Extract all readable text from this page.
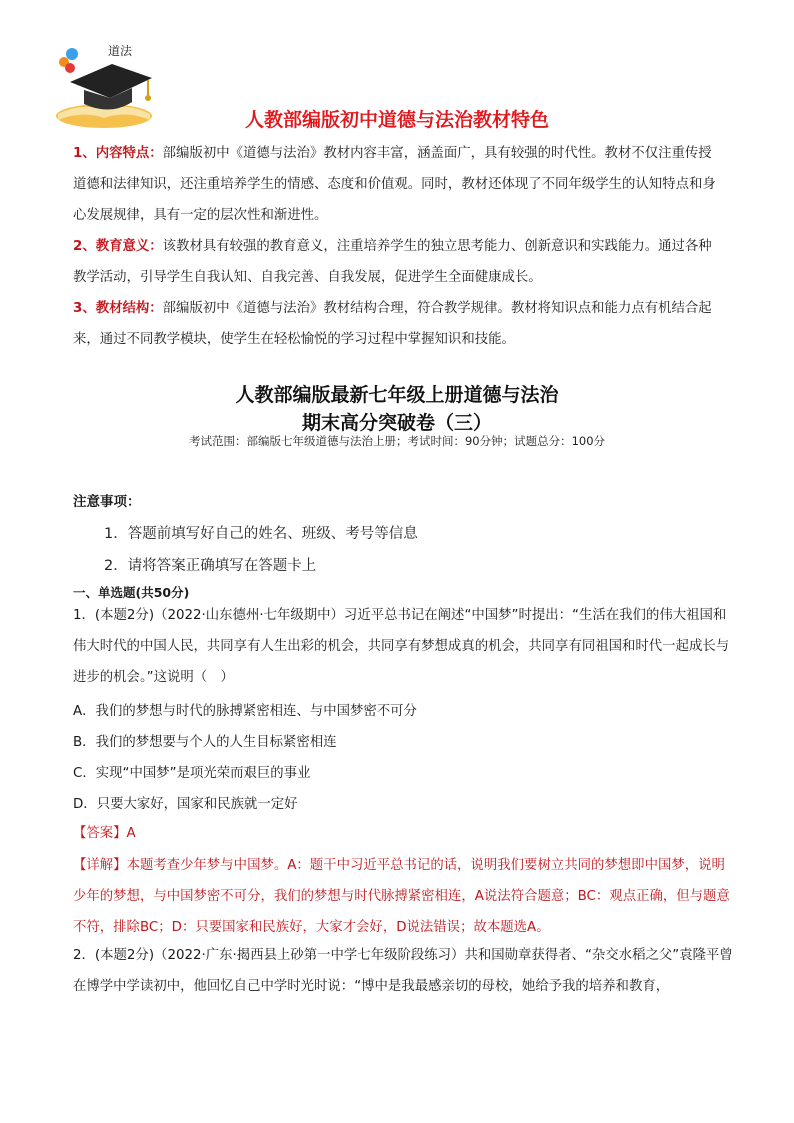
道法
人教部编版初中道德与法治教材特色
1、内容特点：部编版初中《道德与法治》教材内容丰富，涵盖面广，具有较强的时代性。教材不仅注重传授道德和法律知识，还注重培养学生的情感、态度和价值观。同时，教材还体现了不同年级学生的认知特点和身心发展规律，具有一定的层次性和渐进性。
2、教育意义：该教材具有较强的教育意义，注重培养学生的独立思考能力、创新意识和实践能力。通过各种教学活动，引导学生自我认知、自我完善、自我发展，促进学生全面健康成长。
3、教材结构：部编版初中《道德与法治》教材结构合理，符合教学规律。教材将知识点和能力点有机结合起来，通过不同教学模块，使学生在轻松愉悦的学习过程中掌握知识和技能。
人教部编版最新七年级上册道德与法治
期末高分突破卷（三）
考试范围：部编版七年级道德与法治上册；考试时间：90分钟；试题总分：100分
注意事项：
1．答题前填写好自己的姓名、班级、考号等信息
2．请将答案正确填写在答题卡上
一、单选题(共50分)
1．(本题2分)（2022·山东德州·七年级期中）习近平总书记在阐述“中国梦”时提出：“生活在我们的伟大祖国和伟大时代的中国人民，共同享有人生出彩的机会，共同享有梦想成真的机会，共同享有同祖国和时代一起成长与进步的机会。”这说明（　）
A．我们的梦想与时代的脉搏紧密相连、与中国梦密不可分
B．我们的梦想要与个人的人生目标紧密相连
C．实现“中国梦”是项光荣而艰巨的事业
D．只要大家好，国家和民族就一定好
【答案】A
【详解】本题考查少年梦与中国梦。A：题干中习近平总书记的话，说明我们要树立共同的梦想即中国梦，说明少年的梦想，与中国梦密不可分，我们的梦想与时代脉搏紧密相连，A说法符合题意；BC：观点正确，但与题意不符，排除BC；D：只要国家和民族好，大家才会好，D说法错误；故本题选A。
2．(本题2分)（2022·广东·揭西县上砂第一中学七年级阶段练习）共和国勋章获得者、“杂交水稻之父”袁隆平曾在博学中学读初中，他回忆自己中学时光时说：“博中是我最感亲切的母校，她给予我的培养和教育，
